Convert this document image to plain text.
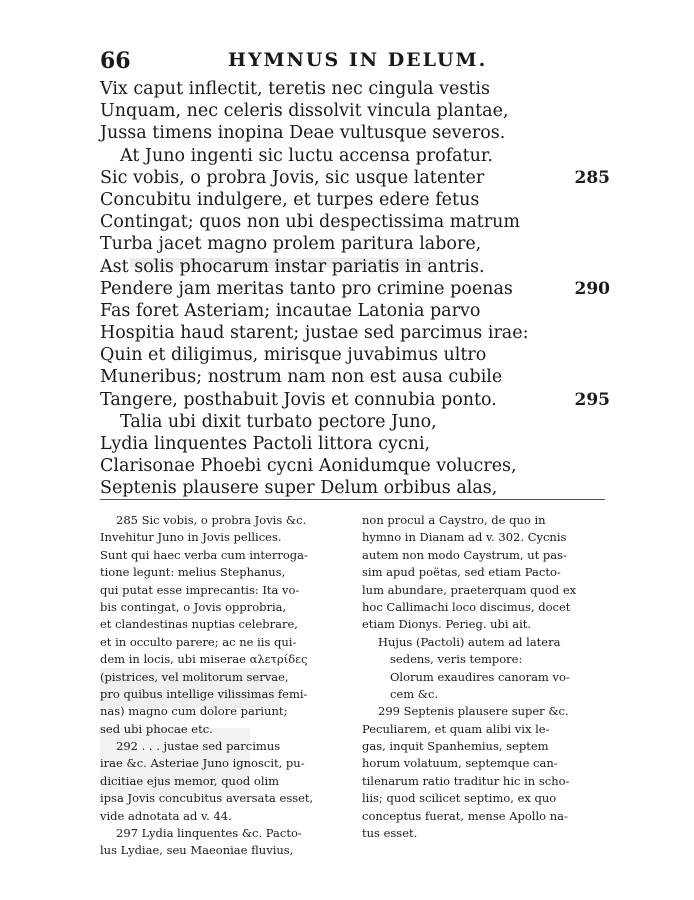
66	HYMNUS IN DELUM.
Vix caput inflectit, teretis nec cingula vestis
Unquam, nec celeris dissolvit vincula plantae,
Jussa timens inopina Deae vultusque severos.
At Juno ingenti sic luctu accensa profatur.
Sic vobis, o probra Jovis, sic usque latenter	285
Concubitu indulgere, et turpes edere fetus
Contingat; quos non ubi despectissima matrum
Turba jacet magno prolem paritura labore,
Ast solis phocarum instar pariatis in antris.
Pendere jam meritas tanto pro crimine poenas	290
Fas foret Asteriam; incautae Latonia parvo
Hospitia haud starent; justae sed parcimus irae:
Quin et diligimus, mirisque juvabimus ultro
Muneribus; nostrum nam non est ausa cubile
Tangere, posthabuit Jovis et connubia ponto.	295
Talia ubi dixit turbato pectore Juno,
Lydia linquentes Pactoli littora cycni,
Clarisonae Phoebi cycni Aonidumque volucres,
Septenis plausere super Delum orbibus alas,
285 Sic vobis, o probra Jovis &c.
Invehitur Juno in Jovis pellices.
Sunt qui haec verba cum interroga-
tione legunt: melius Stephanus,
qui putat esse imprecantis: Ita vo-
bis contingat, o Jovis opprobria,
et clandestinas nuptias celebrare,
et in occulto parere; ac ne iis qui-
dem in locis, ubi miserae αλετρίδες
(pistrices, vel molitorum servae,
pro quibus intellige vilissimas femi-
nas) magno cum dolore pariunt;
sed ubi phocae etc.
292 . . . justae sed parcimus
irae &c. Asteriae Juno ignoscit, pu-
dicitiae ejus memor, quod olim
ipsa Jovis concubitus aversata esset,
vide adnotata ad v. 44.
297 Lydia linquentes &c. Pacto-
lus Lydiae, seu Maeoniae fluvius,
non procul a Caystro, de quo in
hymno in Dianam ad v. 302. Cycnis
autem non modo Caystrum, ut pas-
sim apud poëtas, sed etiam Pacto-
lum abundare, praeterquam quod ex
hoc Callimachi loco discimus, docet
etiam Dionys. Perieg. ubi ait.
Hujus (Pactoli) autem ad latera
sedens, veris tempore:
Olorum exaudires canoram vo-
cem &c.
299 Septenis plausere super &c.
Peculiarem, et quam alibi vix le-
gas, inquit Spanhemius, septem
horum volatuum, septemque can-
tilenarum ratio traditur hic in scho-
liis; quod scilicet septimo, ex quo
conceptus fuerat, mense Apollo na-
tus esset.
